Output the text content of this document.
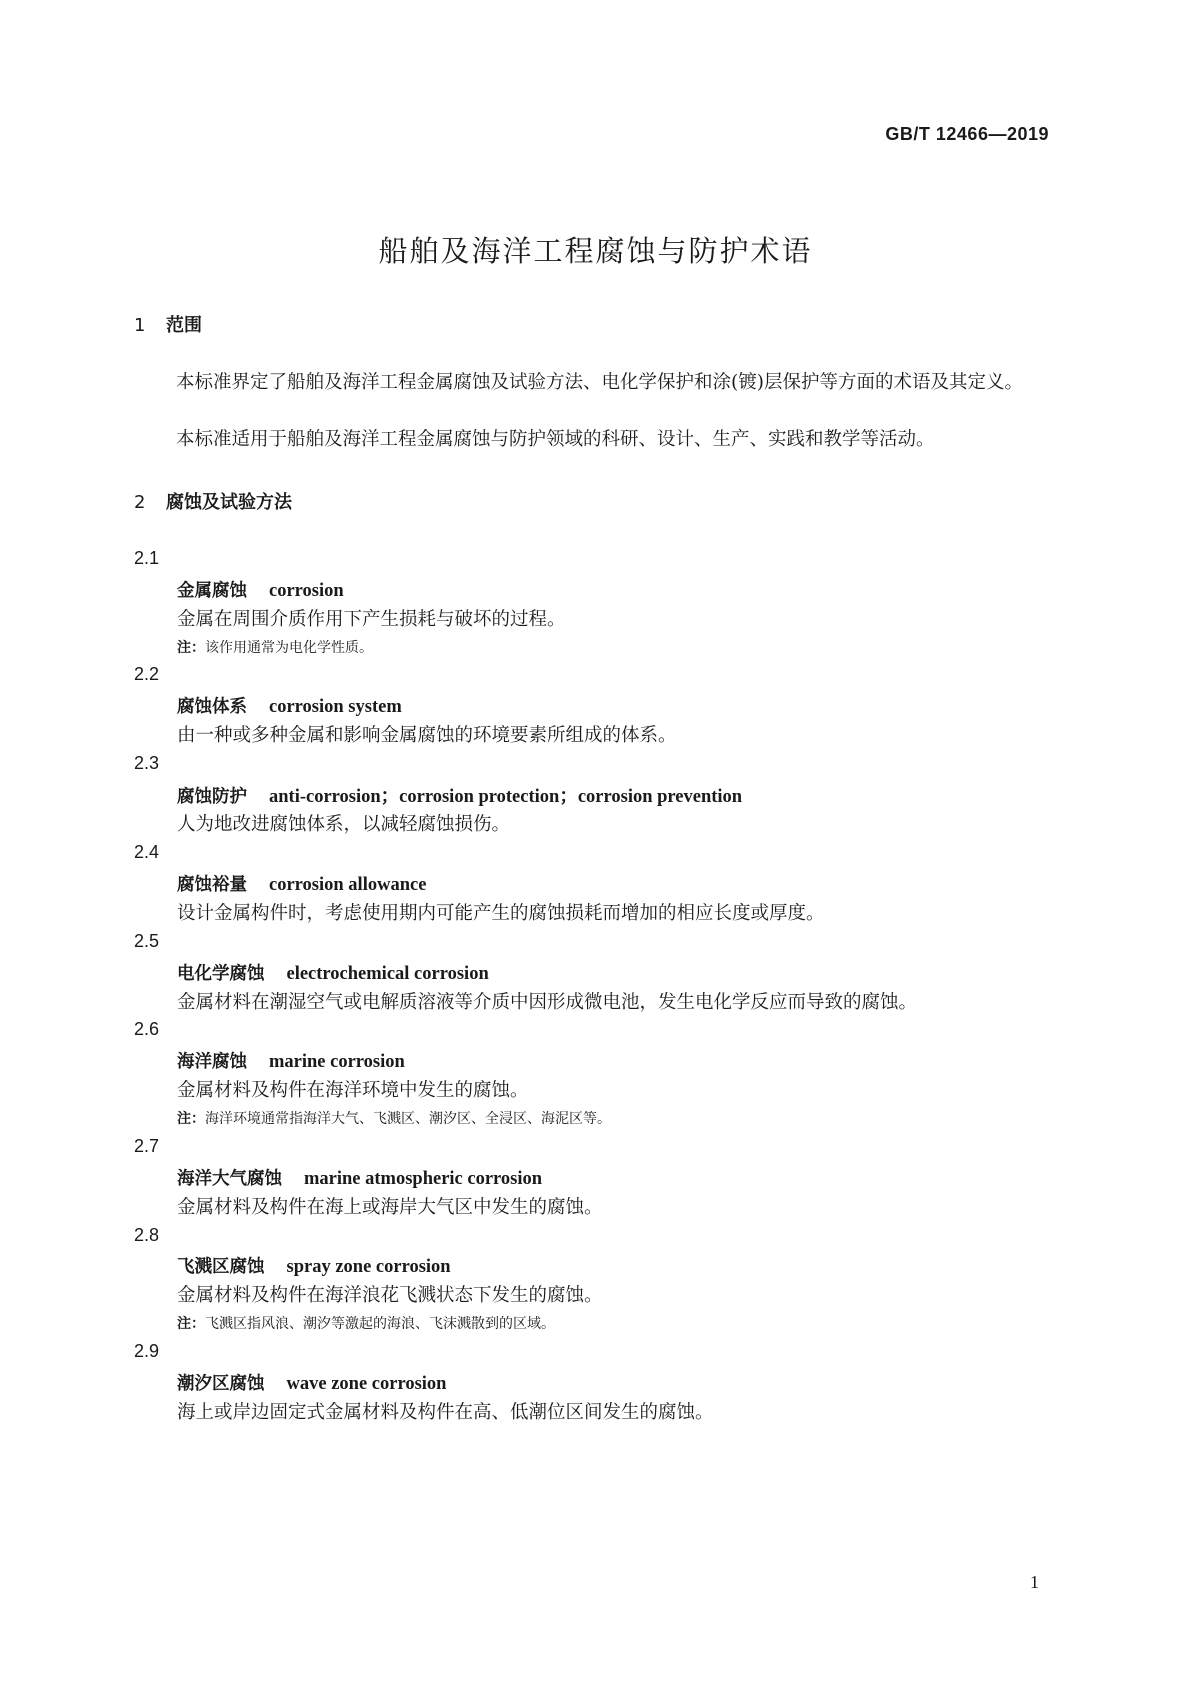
GB/T 12466—2019
船舶及海洋工程腐蚀与防护术语
1 范围
本标准界定了船舶及海洋工程金属腐蚀及试验方法、电化学保护和涂(镀)层保护等方面的术语及其定义。
本标准适用于船舶及海洋工程金属腐蚀与防护领域的科研、设计、生产、实践和教学等活动。
2 腐蚀及试验方法
2.1
金属腐蚀 corrosion
金属在周围介质作用下产生损耗与破坏的过程。
注：该作用通常为电化学性质。
2.2
腐蚀体系 corrosion system
由一种或多种金属和影响金属腐蚀的环境要素所组成的体系。
2.3
腐蚀防护 anti-corrosion；corrosion protection；corrosion prevention
人为地改进腐蚀体系，以减轻腐蚀损伤。
2.4
腐蚀裕量 corrosion allowance
设计金属构件时，考虑使用期内可能产生的腐蚀损耗而增加的相应长度或厚度。
2.5
电化学腐蚀 electrochemical corrosion
金属材料在潮湿空气或电解质溶液等介质中因形成微电池，发生电化学反应而导致的腐蚀。
2.6
海洋腐蚀 marine corrosion
金属材料及构件在海洋环境中发生的腐蚀。
注：海洋环境通常指海洋大气、飞溅区、潮汐区、全浸区、海泥区等。
2.7
海洋大气腐蚀 marine atmospheric corrosion
金属材料及构件在海上或海岸大气区中发生的腐蚀。
2.8
飞溅区腐蚀 spray zone corrosion
金属材料及构件在海洋浪花飞溅状态下发生的腐蚀。
注：飞溅区指风浪、潮汐等激起的海浪、飞沫溅散到的区域。
2.9
潮汐区腐蚀 wave zone corrosion
海上或岸边固定式金属材料及构件在高、低潮位区间发生的腐蚀。
1
